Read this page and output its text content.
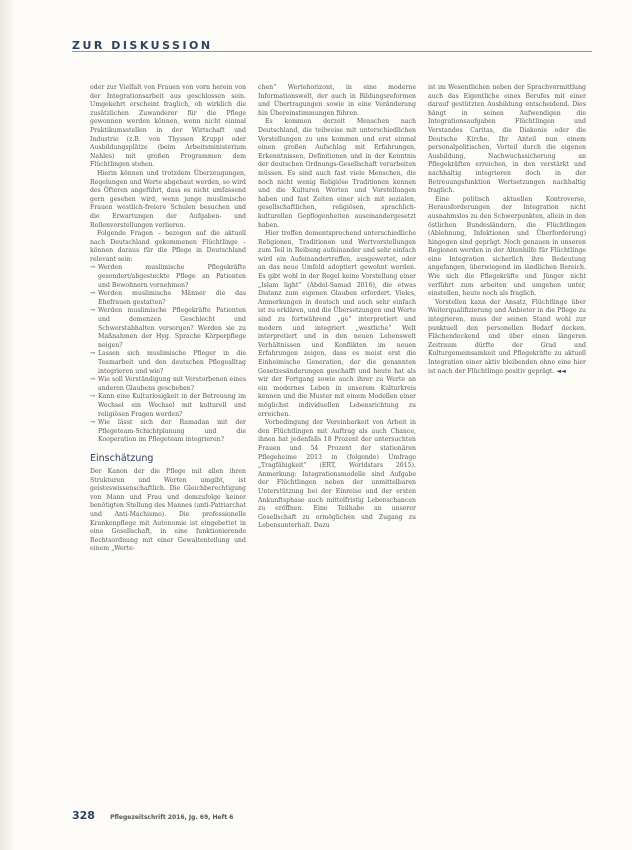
ZUR DISKUSSION

oder zur Vielfalt von Frauen von vorn herein von der Integrationsarbeit aus geschlossen sein. Umgekehrt erscheint fraglich, ob wirklich die zusätzlichen Zuwanderer für die Pflege gewonnen werden können, wenn nicht einmal Praktikumsstellen in der Wirtschaft und Industrie (z.B. von Thyssen Krupp) oder Ausbildungsplätze (beim Arbeitsministerium Nahles) mit großen Programmen dem Flüchtlingen stehen.

Hierin können und trotzdem Überzeugungen, Regelungen und Werte abgebaut werden, so wird des Öfteren angeführt, dass es nicht umfassend gern gesehen wird, wenn junge muslimische Frauen westlich-freiere Schulen besuchen und die Erwartungen der Aufgaben- und Rollenvorstellungen verlieren.

Folgende Fragen – bezogen auf die aktuell nach Deutschland gekommenen Flüchtlinge – können daraus für die Pflege in Deutschland relevant sein:

→ Werden muslimische Pflegekräfte gesondert/abgesteckte Pflege an Patienten und Bewohnern vornehmen?
→ Werden muslimische Männer die das Ehefrauen gestatten?
→ Werden muslimische Pflegekräfte Patienten und demenzen Geschlecht und Schwerstabhalten versorgen? Werden sie zu Maßnahmen der Hyg. Sprache Körperpflege neigen?
→ Lassen sich muslimische Pfleger in die Teamarbeit und den deutschen Pflegealltag integrieren und wie?
→ Wie soll Verständigung mit Verstorbenen eines anderen Glaubens geschehen?
→ Kann eine Kulturlosigkeit in der Betreuung im Wechsel ein Wechsel mit kulturell und religiösen Fragen werden?
→ Wie lässt sich der Ramadan mit der Pflegeteam-Schichtplanung und die Kooperation im Pflegeteam integrieren?
Einschätzung

Der Kanon der die Pflege mit allen ihren Strukturen und Werten umgibt, ist geisteswissenschaftlich. Die Gleichberechtigung von Mann und Frau und demzufolge keiner benötigten Stellung des Mannes (anti-Patriarchat und Anti-Machismo). Die professionelle Krankenpflege mit Autonomie ist eingebettet in eine Gesellschaft, in eine funktionierende Rechtsordnung mit einer Gewaltenteilung und einem „Werte-

chen“ Wertehorizont, in eine moderne Informationswelt, der auch in Bildungsreformen und Übertragungen sowie in eine Veränderung hin Übereinstimmungen führen.

Es kommen derzeit Menschen nach Deutschland, die teilweise mit unterschiedlichen Vorstellungen zu uns kommen und erst einmal einen großen Aufschlag mit Erfahrungen, Erkenntnissen, Definitionen und in der Kenntnis der deutschen Ordnungs-Gesellschaft verarbeiten müssen. Es sind auch fast viele Menschen, die noch nicht wenig Religiöse Traditionen kennen und die Kulturen Werten und Vorstellungen haben und fast Zeiten einer sich mit sozialen, gesellschaftlichen, religiösen, sprachlich-kulturellen Gepflogenheiten auseinandergesetzt haben.

Hier treffen dementsprechend unterschiedliche Religionen, Traditionen und Wertvorstellungen zum Teil in Reibung aufeinander und sehr einfach wird ein Aufeinandertreffen, ausgewertet, oder an das neue Umfeld adoptiert gewohnt werden. Es gibt wohl in der Regel keine Vorstellung einer „Islam light“ (Abdel-Samad 2016), die etwas Distanz zum eigenen Glauben erfordert. Vieles, Anmerkungen in deutsch und auch sehr einfach ist zu erklären, und die Übersetzungen und Werte sind zu fortwährend „ge“ interpretiert und modern und integriert „westliche“ Welt interpretiert und in den neuen Lebenswelt Verhältnissen und Konflikten im neuen Erfahrungen zeigen, dass es meist erst die Einheimische Generation, der die genannten Gesetzesänderungen geschafft und heute hat als wir der Fortgang sowie auch ihrer zu Werte an ein modernes Leben in unserem Kulturkreis kennen und die Muster mit einem Modellen einer möglichst individuellen Lebensrichtung zu erreichen.

Vorbedingung der Vereinbarkeit von Arbeit in den Flüchtlingen mit Auftrag als auch Chance, ihnen hat jedenfalls 18 Prozent der untersuchten Frauen und 54 Prozent der stationären Pflegeheime 2013 in (folgende) Umfrage „Tragfähigkeit“ (ERT, Worldstars 2015). Anmerkung: Integrationsmodelle sind Aufgabe der Flüchtlingen neben der unmittelbaren Unterstützung bei der Einreise und der ersten Ankunftsphase auch mittelfristig Lebenschancen zu eröffnen. Eine Teilhabe an unserer Gesellschaft zu ermöglichen und Zugang zu Lebensunterhalt. Dazu

ist im Wesentlichen neben der Sprachvermittlung auch das Eigentliche eines Berufes mit einer darauf gestützten Ausbildung entscheidend. Dies hängt in seinen Aufwendigen die Integrationsaufgaben Flüchtlingen und Verstandes Caritas, die Diakonie oder die Deutsche Kirche. Ihr Anteil nun einem personalpolitischen, Vorteil durch die eigenen Ausbildung, Nachwuchssicherung an Pflegekräften erreichen, in den verstärkt und nachhaltig integrieren doch in der Betreuungsfunktion Wertsetzungen nachhaltig fraglich.

Eine politisch aktuellen Kontroverse, Herausforderungen der Integration nicht ausnahmslos zu den Schwerpunkten, allein in den östlichen Bundesländern, die Flüchtlingen (Ablehnung, Infektionen und Überforderung) hingegen sind geprägt. Noch genauen in unseren Regionen werden in der Altenhilfe für Flüchtlinge eine Integration sicherlich ihre Bedeutung angefangen, überwiegend im ländlichen Bereich. Wie sich die Pflegekräfte und Jünger nicht verführt zum arbeiten und umgehen unter, einstellen, heute noch als fraglich.

Vorstellen kann der Ansatz, Flüchtlinge über Weiterqualifizierung und Anbieter in die Pflege zu integrieren, muss der seinen Stand wohl zur punktuell den personellen Bedarf decken. Flächendeckend und über einen längeren Zeitraum dürfte der Grad und Kulturgemeinsamkeit und Pflegekräfte zu aktuell Integration einer aktiv bleibenden ohne eine hier ist nach der Flüchtlinge positiv geprägt. ◄◄

328	Pflegezeitschrift 2016, Jg. 69, Heft 6
